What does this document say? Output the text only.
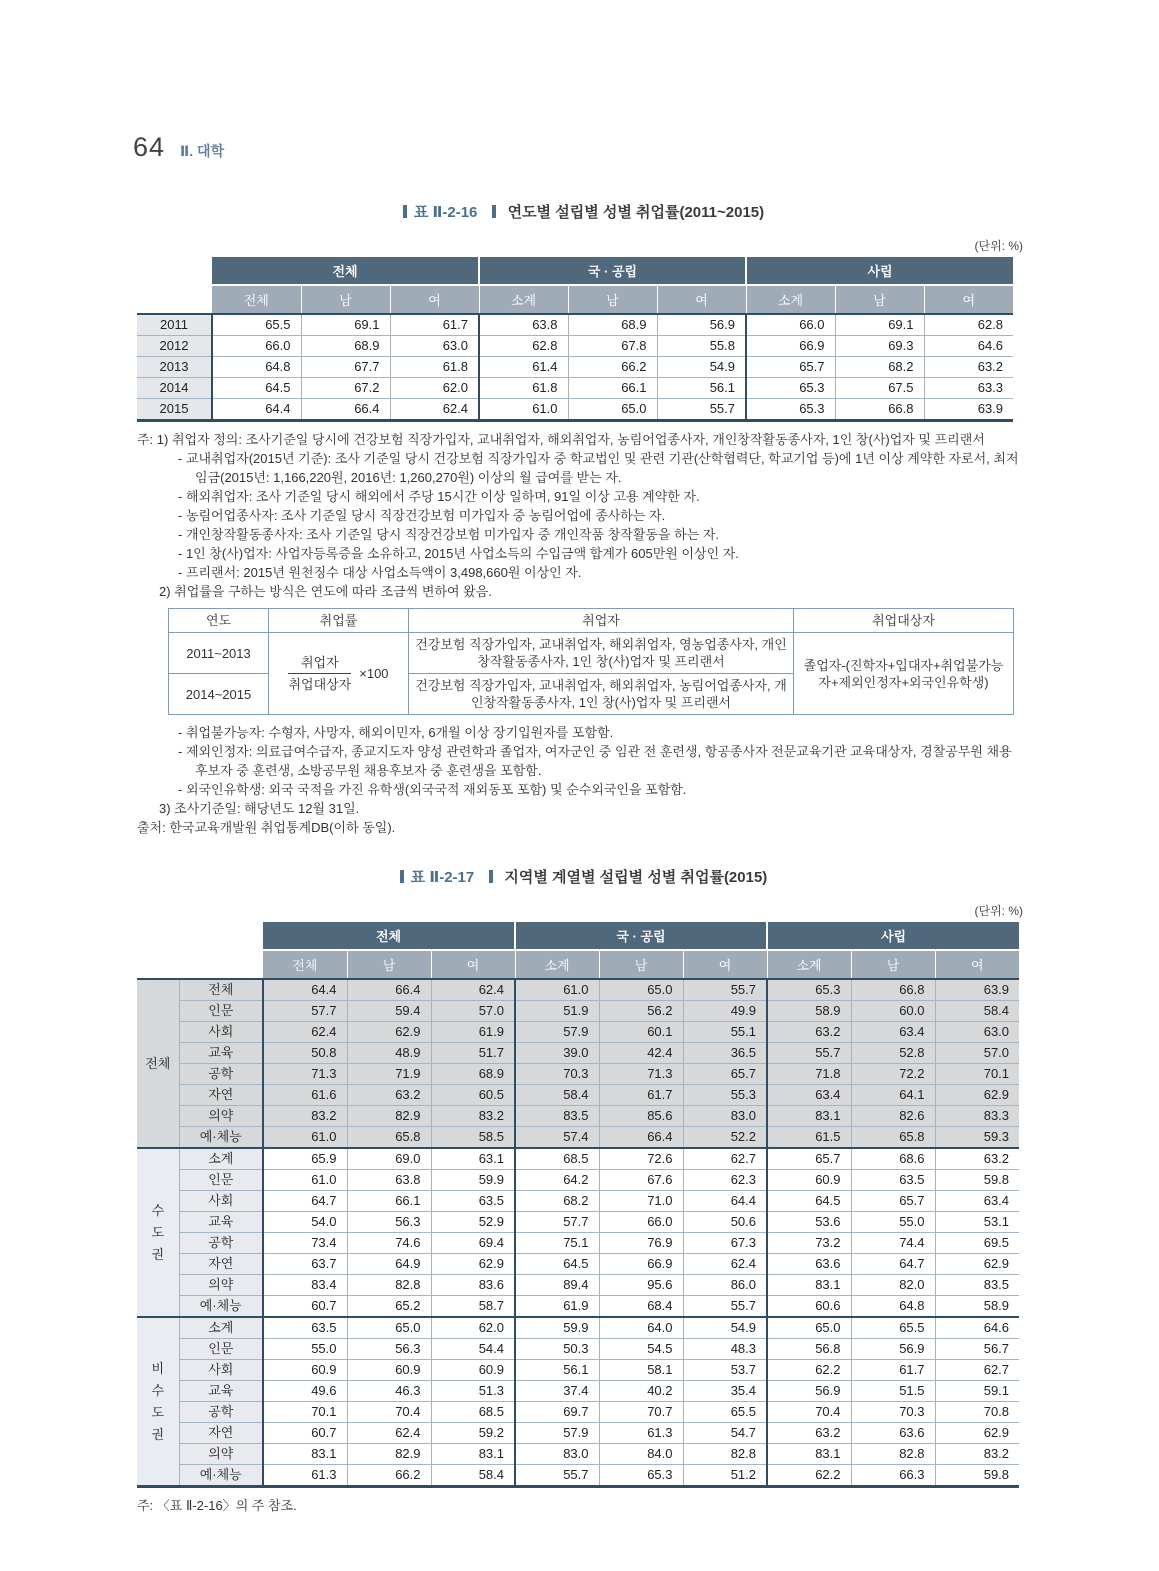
64 Ⅱ. 대학
표 Ⅱ-2-16 연도별 설립별 성별 취업률(2011~2015)
(단위: %)
	전체			국 · 공립			사립		
	전체	남	여	소계	남	여	소계	남	여
2011	65.5	69.1	61.7	63.8	68.9	56.9	66.0	69.1	62.8
2012	66.0	68.9	63.0	62.8	67.8	55.8	66.9	69.3	64.6
2013	64.8	67.7	61.8	61.4	66.2	54.9	65.7	68.2	63.2
2014	64.5	67.2	62.0	61.8	66.1	56.1	65.3	67.5	63.3
2015	64.4	66.4	62.4	61.0	65.0	55.7	65.3	66.8	63.9
주: 1) 취업자 정의: 조사기준일 당시에 건강보험 직장가입자, 교내취업자, 해외취업자, 농림어업종사자, 개인창작활동종사자, 1인 창(사)업자 및 프리랜서
- 교내취업자(2015년 기준): 조사 기준일 당시 건강보험 직장가입자 중 학교법인 및 관련 기관(산학협력단, 학교기업 등)에 1년 이상 계약한 자로서, 최저임금(2015년: 1,166,220원, 2016년: 1,260,270원) 이상의 월 급여를 받는 자.
- 해외취업자: 조사 기준일 당시 해외에서 주당 15시간 이상 일하며, 91일 이상 고용 계약한 자.
- 농림어업종사자: 조사 기준일 당시 직장건강보험 미가입자 중 농림어업에 종사하는 자.
- 개인창작활동종사자: 조사 기준일 당시 직장건강보험 미가입자 중 개인작품 창작활동을 하는 자.
- 1인 창(사)업자: 사업자등록증을 소유하고, 2015년 사업소득의 수입금액 합계가 605만원 이상인 자.
- 프리랜서: 2015년 원천징수 대상 사업소득액이 3,498,660원 이상인 자.
2) 취업률을 구하는 방식은 연도에 따라 조금씩 변하여 왔음.
연도	취업률	취업자	취업대상자
2011~2013	$\frac{\text{취업자}}{\text{취업대상자}} \times 100$	건강보험 직장가입자, 교내취업자, 해외취업자, 영농업종사자, 개인창작활동종사자, 1인 창(사)업자 및 프리랜서	졸업자-(진학자+입대자+취업불가능자+제외인정자+외국인유학생)
2014~2015		건강보험 직장가입자, 교내취업자, 해외취업자, 농림어업종사자, 개인창작활동종사자, 1인 창(사)업자 및 프리랜서	
- 취업불가능자: 수형자, 사망자, 해외이민자, 6개월 이상 장기입원자를 포함함.
- 제외인정자: 의료급여수급자, 종교지도자 양성 관련학과 졸업자, 여자군인 중 임관 전 훈련생, 항공종사자 전문교육기관 교육대상자, 경찰공무원 채용후보자 중 훈련생, 소방공무원 채용후보자 중 훈련생을 포함함.
- 외국인유학생: 외국 국적을 가진 유학생(외국국적 재외동포 포함) 및 순수외국인을 포함함.
3) 조사기준일: 해당년도 12월 31일.
출처: 한국교육개발원 취업통계DB(이하 동일).
표 Ⅱ-2-17 지역별 계열별 설립별 성별 취업률(2015)
(단위: %)
		전체			국 · 공립			사립		
		전체	남	여	소계	남	여	소계	남	여

전체	전체	64.4	66.4	62.4	61.0	65.0	55.7	65.3	66.8	63.9
	인문	57.7	59.4	57.0	51.9	56.2	49.9	58.9	60.0	58.4
	사회	62.4	62.9	61.9	57.9	60.1	55.1	63.2	63.4	63.0
	교육	50.8	48.9	51.7	39.0	42.4	36.5	55.7	52.8	57.0
	공학	71.3	71.9	68.9	70.3	71.3	65.7	71.8	72.2	70.1
	자연	61.6	63.2	60.5	58.4	61.7	55.3	63.4	64.1	62.9
	의약	83.2	82.9	83.2	83.5	85.6	83.0	83.1	82.6	83.3
	예·체능	61.0	65.8	58.5	57.4	66.4	52.2	61.5	65.8	59.3

수도권	소계	65.9	69.0	63.1	68.5	72.6	62.7	65.7	68.6	63.2
	인문	61.0	63.8	59.9	64.2	67.6	62.3	60.9	63.5	59.8
	사회	64.7	66.1	63.5	68.2	71.0	64.4	64.5	65.7	63.4
	교육	54.0	56.3	52.9	57.7	66.0	50.6	53.6	55.0	53.1
	공학	73.4	74.6	69.4	75.1	76.9	67.3	73.2	74.4	69.5
	자연	63.7	64.9	62.9	64.5	66.9	62.4	63.6	64.7	62.9
	의약	83.4	82.8	83.6	89.4	95.6	86.0	83.1	82.0	83.5
	예·체능	60.7	65.2	58.7	61.9	68.4	55.7	60.6	64.8	58.9

비수도권	소계	63.5	65.0	62.0	59.9	64.0	54.9	65.0	65.5	64.6
	인문	55.0	56.3	54.4	50.3	54.5	48.3	56.8	56.9	56.7
	사회	60.9	60.9	60.9	56.1	58.1	53.7	62.2	61.7	62.7
	교육	49.6	46.3	51.3	37.4	40.2	35.4	56.9	51.5	59.1
	공학	70.1	70.4	68.5	69.7	70.7	65.5	70.4	70.3	70.8
	자연	60.7	62.4	59.2	57.9	61.3	54.7	63.2	63.6	62.9
	의약	83.1	82.9	83.1	83.0	84.0	82.8	83.1	82.8	83.2
	예·체능	61.3	66.2	58.4	55.7	65.3	51.2	62.2	66.3	59.8
주: 〈표 Ⅱ-2-16〉의 주 참조.
